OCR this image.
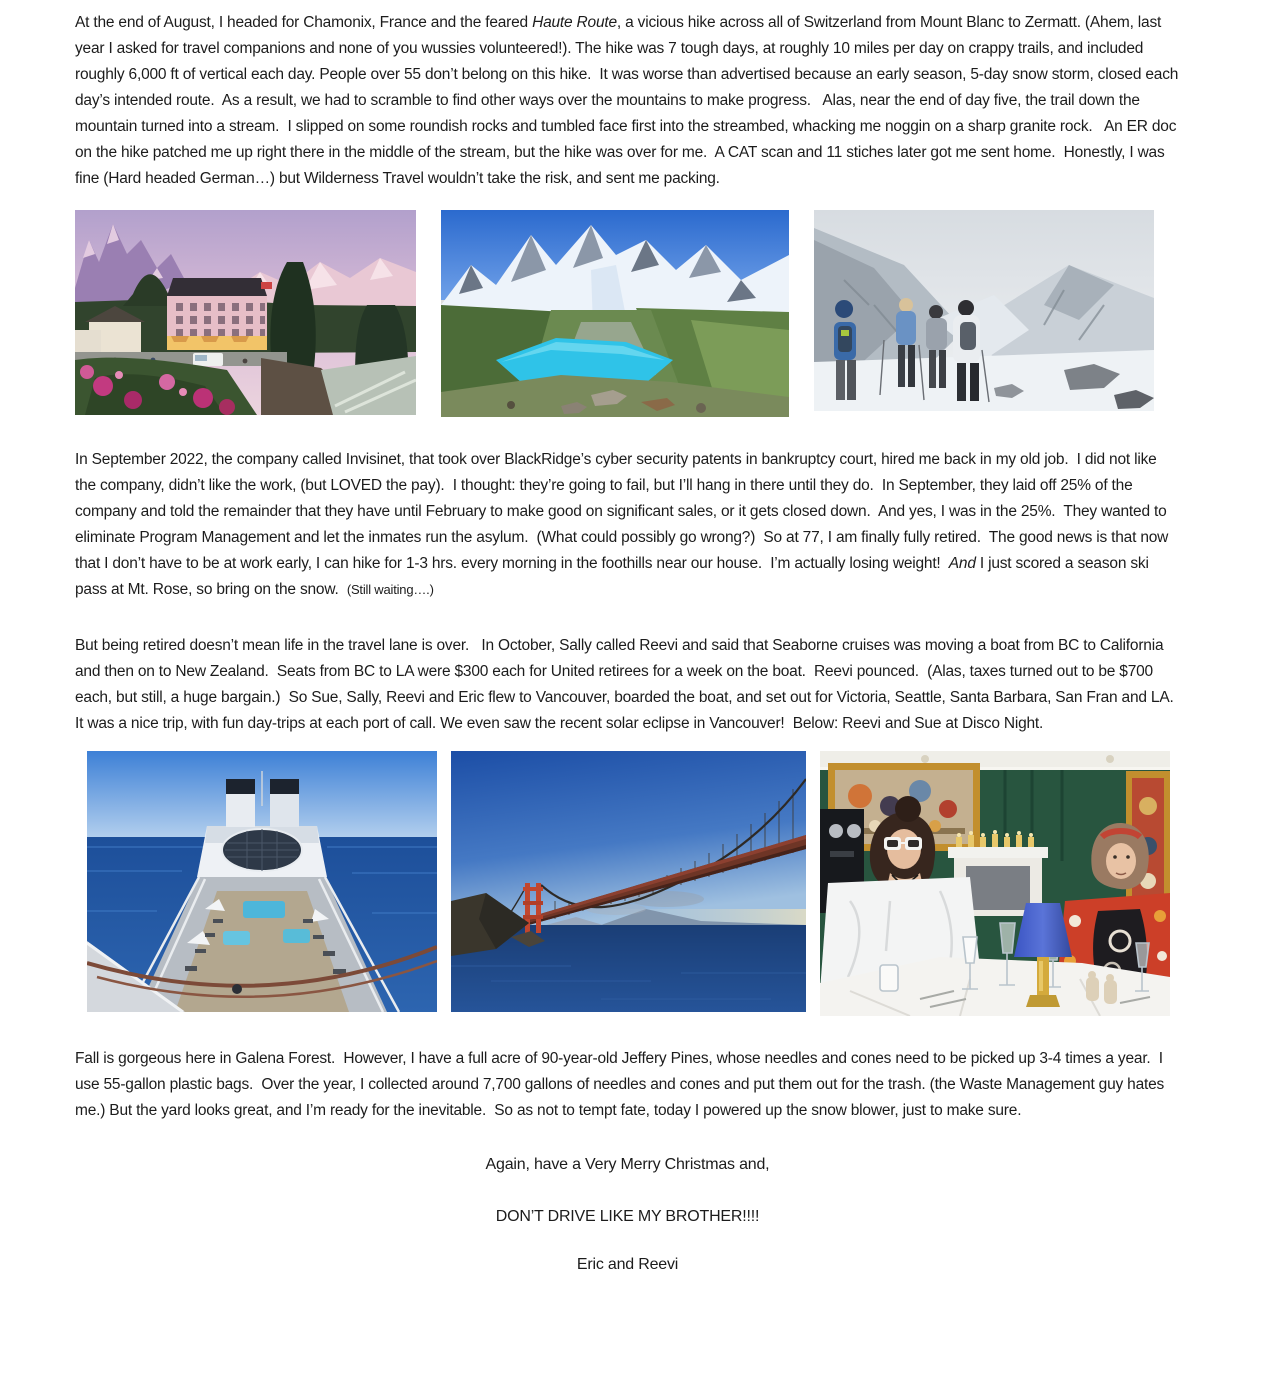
At the end of August, I headed for Chamonix, France and the feared Haute Route, a vicious hike across all of Switzerland from Mount Blanc to Zermatt. (Ahem, last year I asked for travel companions and none of you wussies volunteered!). The hike was 7 tough days, at roughly 10 miles per day on crappy trails, and included roughly 6,000 ft of vertical each day. People over 55 don’t belong on this hike.  It was worse than advertised because an early season, 5-day snow storm, closed each day’s intended route.  As a result, we had to scramble to find other ways over the mountains to make progress.   Alas, near the end of day five, the trail down the mountain turned into a stream.  I slipped on some roundish rocks and tumbled face first into the streambed, whacking me noggin on a sharp granite rock.   An ER doc on the hike patched me up right there in the middle of the stream, but the hike was over for me.  A CAT scan and 11 stiches later got me sent home.  Honestly, I was fine (Hard headed German…) but Wilderness Travel wouldn’t take the risk, and sent me packing.

In September 2022, the company called Invisinet, that took over BlackRidge’s cyber security patents in bankruptcy court, hired me back in my old job.  I did not like the company, didn’t like the work, (but LOVED the pay).  I thought: they’re going to fail, but I’ll hang in there until they do.  In September, they laid off 25% of the company and told the remainder that they have until February to make good on significant sales, or it gets closed down.  And yes, I was in the 25%.  They wanted to eliminate Program Management and let the inmates run the asylum.  (What could possibly go wrong?)  So at 77, I am finally fully retired.  The good news is that now that I don’t have to be at work early, I can hike for 1-3 hrs. every morning in the foothills near our house.  I’m actually losing weight!  And I just scored a season ski pass at Mt. Rose, so bring on the snow.  (Still waiting….)

But being retired doesn’t mean life in the travel lane is over.   In October, Sally called Reevi and said that Seaborne cruises was moving a boat from BC to California and then on to New Zealand.  Seats from BC to LA were $300 each for United retirees for a week on the boat.  Reevi pounced.  (Alas, taxes turned out to be $700 each, but still, a huge bargain.)  So Sue, Sally, Reevi and Eric flew to Vancouver, boarded the boat, and set out for Victoria, Seattle, Santa Barbara, San Fran and LA.  It was a nice trip, with fun day-trips at each port of call. We even saw the recent solar eclipse in Vancouver!  Below: Reevi and Sue at Disco Night.

Fall is gorgeous here in Galena Forest.  However, I have a full acre of 90-year-old Jeffery Pines, whose needles and cones need to be picked up 3-4 times a year.  I use 55-gallon plastic bags.  Over the year, I collected around 7,700 gallons of needles and cones and put them out for the trash. (the Waste Management guy hates me.) But the yard looks great, and I’m ready for the inevitable.  So as not to tempt fate, today I powered up the snow blower, just to make sure.

Again, have a Very Merry Christmas and,

DON’T DRIVE LIKE MY BROTHER!!!!

Eric and Reevi
